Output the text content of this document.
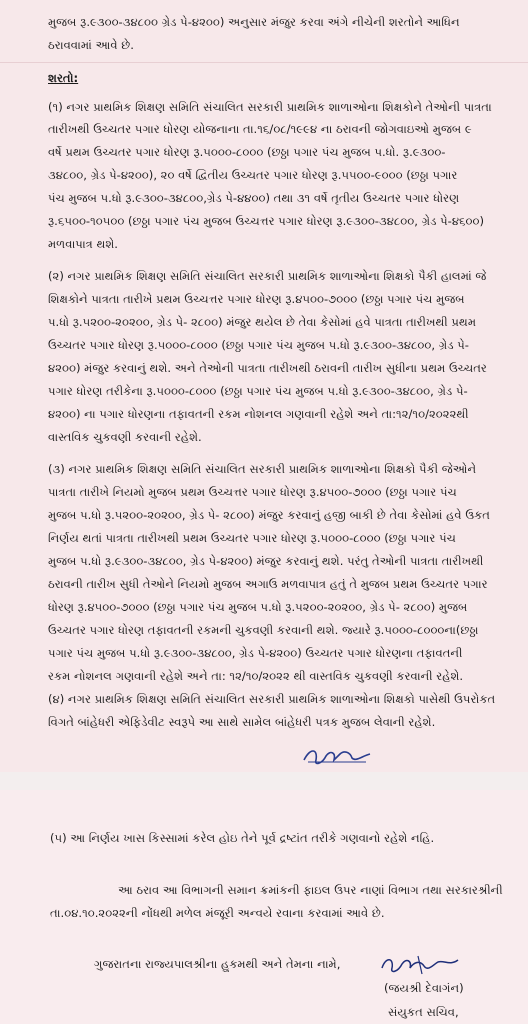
મુજબ રૂ.૯૩૦૦-૩૪૮૦૦ ગ્રેડ પે-૪૨૦૦) અનુસાર મંજુર કરવા અંગે નીચેની શરતોને આધિન
ઠરાવવામાં આવે છે.
શરતો:
(૧) નગર પ્રાથમિક શિક્ષણ સમિતિ સંચાલિત સરકારી પ્રાથમિક શાળાઓના શિક્ષકોને તેઓની પાત્રતા
તારીખથી ઉચ્ચતર પગાર ધોરણ યોજનાના તા.૧૬/૦૮/૧૯૯૪ ના ઠરાવની જોગવાઇઓ મુજબ ૯
વર્ષે પ્રથમ ઉચ્ચતર પગાર ધોરણ રૂ.૫૦૦૦-૮૦૦૦ (છઠ્ઠા પગાર પંચ મુજબ પ.ધો. રૂ.૯૩૦૦-
૩૪૮૦૦, ગ્રેડ પે-૪૨૦૦), ૨૦ વર્ષે દ્વિતીય ઉચ્ચતર પગાર ધોરણ રૂ.૫૫૦૦-૯૦૦૦ (છઠ્ઠા પગાર
પંચ મુજબ પ.ધો રૂ.૯૩૦૦-૩૪૮૦૦,ગ્રેડ પે-૪૪૦૦) તથા ૩૧ વર્ષે તૃતીય ઉચ્ચતર પગાર ધોરણ
રૂ.૬૫૦૦-૧૦૫૦૦ (છઠ્ઠા પગાર પંચ મુજબ ઉચ્ચત્તર પગાર ધોરણ રૂ.૯૩૦૦-૩૪૮૦૦, ગ્રેડ પે-૪૬૦૦)
મળવાપાત્ર થશે.
(૨) નગર પ્રાથમિક શિક્ષણ સમિતિ સંચાલિત સરકારી પ્રાથમિક શાળાઓના શિક્ષકો પૈકી હાલમાં જે
શિક્ષકોને પાત્રતા તારીખે પ્રથમ ઉચ્ચત્તર પગાર ધોરણ રૂ.૪૫૦૦-૭૦૦૦ (છઠ્ઠા પગાર પંચ મુજબ
પ.ધો રૂ.૫૨૦૦-૨૦૨૦૦, ગ્રેડ પે- ૨૮૦૦) મંજુર થયેલ છે તેવા કેસોમાં હવે પાત્રતા તારીખથી પ્રથમ
ઉચ્ચતર પગાર ધોરણ રૂ.૫૦૦૦-૮૦૦૦ (છઠ્ઠા પગાર પંચ મુજબ પ.ધો રૂ.૯૩૦૦-૩૪૮૦૦, ગ્રેડ પે-
૪૨૦૦) મંજુર કરવાનું થશે. અને તેઓની પાત્રતા તારીખથી ઠરાવની તારીખ સુધીના પ્રથમ ઉચ્ચતર
પગાર ધોરણ તરીકેના રૂ.૫૦૦૦-૮૦૦૦ (છઠ્ઠા પગાર પંચ મુજબ પ.ધો રૂ.૯૩૦૦-૩૪૮૦૦, ગ્રેડ પે-
૪૨૦૦) ના પગાર ધોરણના તફાવતની રકમ નોશનલ ગણવાની રહેશે અને તા:૧૨/૧૦/૨૦૨૨થી
વાસ્તવિક ચુકવણી કરવાની રહેશે.
(૩) નગર પ્રાથમિક શિક્ષણ સમિતિ સંચાલિત સરકારી પ્રાથમિક શાળાઓના શિક્ષકો પૈકી જેઓને
પાત્રતા તારીખે નિયમો મુજબ પ્રથમ ઉચ્ચત્તર પગાર ધોરણ રૂ.૪૫૦૦-૭૦૦૦ (છઠ્ઠા પગાર પંચ
મુજબ પ.ધો રૂ.૫૨૦૦-૨૦૨૦૦, ગ્રેડ પે- ૨૮૦૦) મંજુર કરવાનું હજી બાકી છે તેવા કેસોમાં હવે ઉકત
નિર્ણય થતાં પાત્રતા તારીખથી પ્રથમ ઉચ્ચતર પગાર ધોરણ રૂ.૫૦૦૦-૮૦૦૦ (છઠ્ઠા પગાર પંચ
મુજબ પ.ધો રૂ.૯૩૦૦-૩૪૮૦૦, ગ્રેડ પે-૪૨૦૦) મંજુર કરવાનું થશે. પરંતુ તેઓની પાત્રતા તારીખથી
ઠરાવની તારીખ સુધી તેઓને નિયમો મુજબ અગાઉ મળવાપાત્ર હતું તે મુજબ પ્રથમ ઉચ્ચતર પગાર
ધોરણ રૂ.૪૫૦૦-૭૦૦૦ (છઠ્ઠા પગાર પંચ મુજબ પ.ધો રૂ.૫૨૦૦-૨૦૨૦૦, ગ્રેડ પે- ૨૮૦૦) મુજબ
ઉચ્ચતર પગાર ધોરણ તફાવતની રકમની ચુકવણી કરવાની થશે. જ્યારે રૂ.૫૦૦૦-૮૦૦૦ના(છઠ્ઠા
પગાર પંચ મુજબ પ.ધો રૂ.૯૩૦૦-૩૪૮૦૦, ગ્રેડ પે-૪૨૦૦) ઉચ્ચતર પગાર ધોરણના તફાવતની
રકમ નોશનલ ગણવાની રહેશે અને તા: ૧૨/૧૦/૨૦૨૨ થી વાસ્તવિક ચુકવણી કરવાની રહેશે.
(૪) નગર પ્રાથમિક શિક્ષણ સમિતિ સંચાલિત સરકારી પ્રાથમિક શાળાઓના શિક્ષકો પાસેથી ઉપરોકત
વિગતે બાંહેધરી એફિડેવીટ સ્વરૂપે આ સાથે સામેલ બાંહેધરી પત્રક મુજબ લેવાની રહેશે.
(૫) આ નિર્ણય ખાસ કિસ્સામાં કરેલ હોઇ તેને પૂર્વ દ્રષ્ટાંત તરીકે ગણવાનો રહેશે નહિ.
આ ઠરાવ આ વિભાગની સમાન ક્રમાંકની ફાઇલ ઉપર નાણાં વિભાગ તથા સરકારશ્રીની
તા.૦૪.૧૦.૨૦૨૨ની નોંધથી મળેલ મંજૂરી અન્વયે રવાના કરવામાં આવે છે.
ગુજરાતના રાજ્યપાલશ્રીના હુકમથી અને તેમના નામે,
(જયશ્રી દેવાગંન)
સંયુકત સચિવ,
